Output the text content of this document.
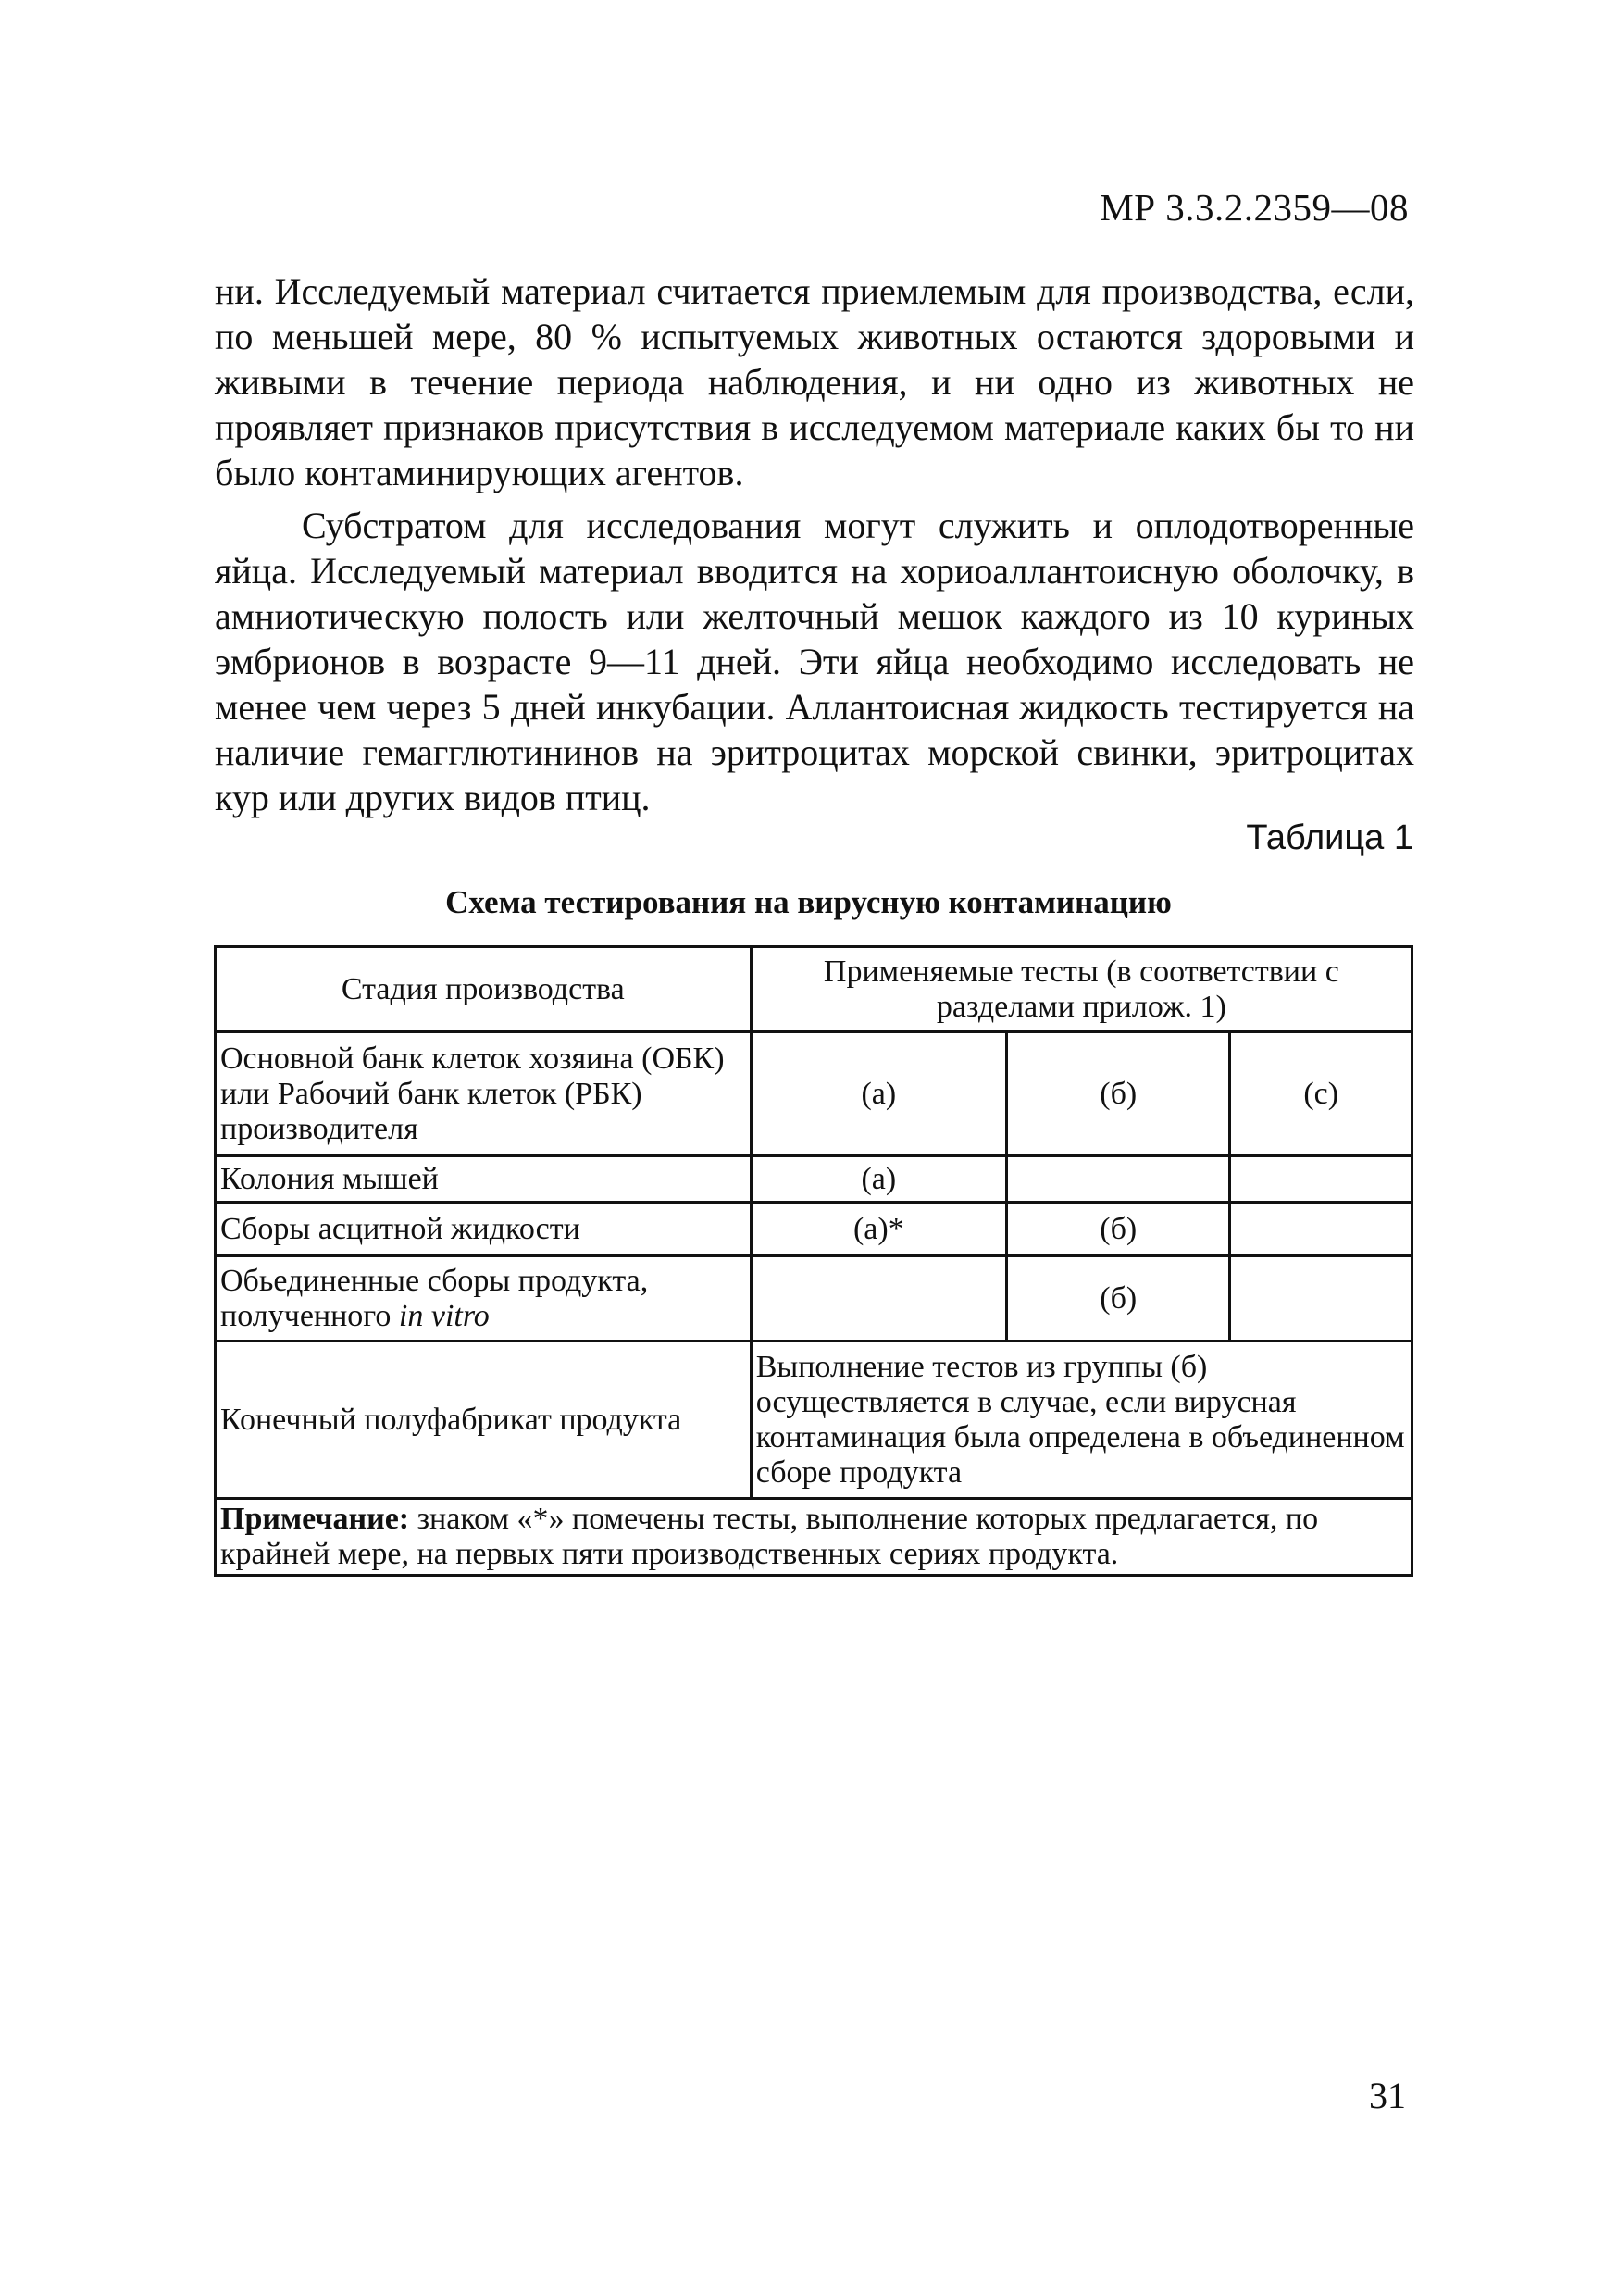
МР 3.3.2.2359—08

ни. Исследуемый материал считается приемлемым для производства, если, по меньшей мере, 80 % испытуемых животных остаются здоровыми и живыми в течение периода наблюдения, и ни одно из животных не проявляет признаков присутствия в исследуемом материале каких бы то ни было контаминирующих агентов.

Субстратом для исследования могут служить и оплодотворенные яйца. Исследуемый материал вводится на хориоаллантоисную оболочку, в амниотическую полость или желточный мешок каждого из 10 куриных эмбрионов в возрасте 9—11 дней. Эти яйца необходимо исследовать не менее чем через 5 дней инкубации. Аллантоисная жидкость тестируется на наличие гемагглютининов на эритроцитах морской свинки, эритроцитах кур или других видов птиц.

Таблица 1
Схема тестирования на вирусную контаминацию
Стадия производства	Применяемые тесты (в соответствии с разделами прилож. 1)		
Основной банк клеток хозяина (ОБК) или Рабочий банк клеток (РБК) производителя	(а)	(б)	(с)
Колония мышей	(а)		
Сборы асцитной жидкости	(а)*	(б)	
Обьединенные сборы продукта, полученного in vitro		(б)	
Конечный полуфабрикат продукта	Выполнение тестов из группы (б) осуществляется в случае, если вирусная контаминация была определена в объединенном сборе продукта		
Примечание: знаком «*» помечены тесты, выполнение которых предлагается, по крайней мере, на первых пяти производственных сериях продукта.			
31
